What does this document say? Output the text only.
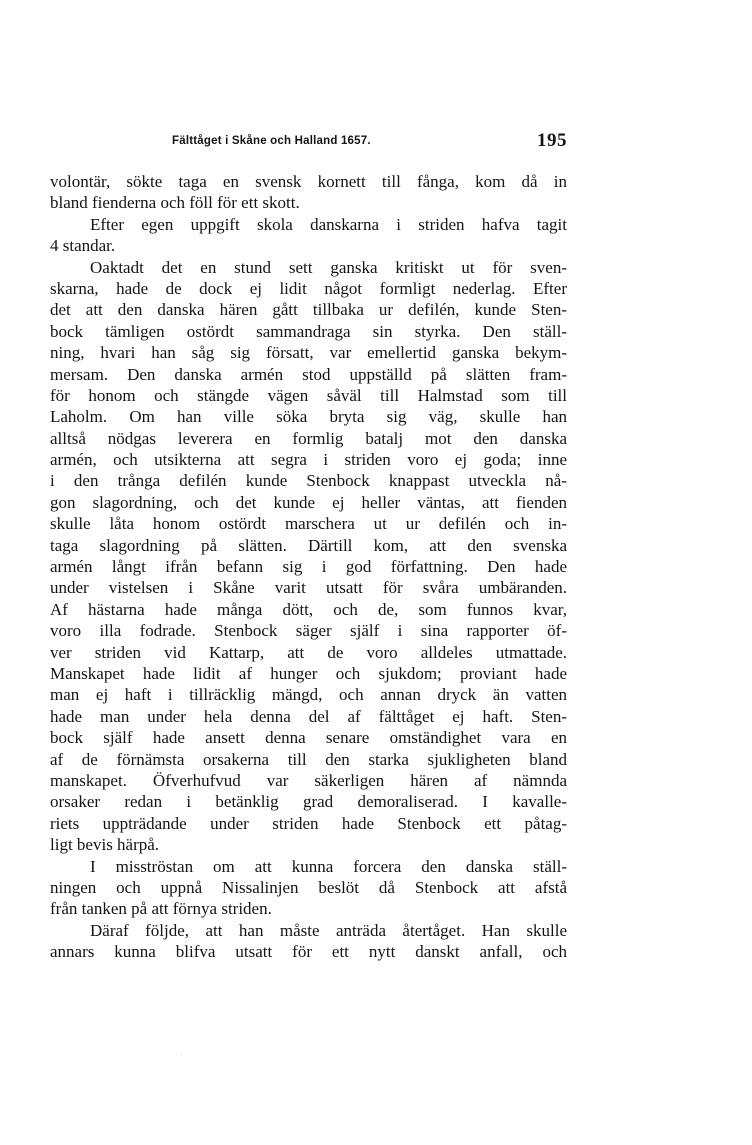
Fälttåget i Skåne och Halland 1657.	195
volontär, sökte taga en svensk kornett till fånga, kom då in
bland fienderna och föll för ett skott.
Efter egen uppgift skola danskarna i striden hafva tagit
4 standar.
Oaktadt det en stund sett ganska kritiskt ut för sven-
skarna, hade de dock ej lidit något formligt nederlag. Efter
det att den danska hären gått tillbaka ur defilén, kunde Sten-
bock tämligen ostördt sammandraga sin styrka. Den ställ-
ning, hvari han såg sig försatt, var emellertid ganska bekym-
mersam. Den danska armén stod uppställd på slätten fram-
för honom och stängde vägen såväl till Halmstad som till
Laholm. Om han ville söka bryta sig väg, skulle han
alltså nödgas leverera en formlig batalj mot den danska
armén, och utsikterna att segra i striden voro ej goda; inne
i den trånga defilén kunde Stenbock knappast utveckla nå-
gon slagordning, och det kunde ej heller väntas, att fienden
skulle låta honom ostördt marschera ut ur defilén och in-
taga slagordning på slätten. Därtill kom, att den svenska
armén långt ifrån befann sig i god författning. Den hade
under vistelsen i Skåne varit utsatt för svåra umbäranden.
Af hästarna hade många dött, och de, som funnos kvar,
voro illa fodrade. Stenbock säger själf i sina rapporter öf-
ver striden vid Kattarp, att de voro alldeles utmattade.
Manskapet hade lidit af hunger och sjukdom; proviant hade
man ej haft i tillräcklig mängd, och annan dryck än vatten
hade man under hela denna del af fälttåget ej haft. Sten-
bock själf hade ansett denna senare omständighet vara en
af de förnämsta orsakerna till den starka sjukligheten bland
manskapet. Öfverhufvud var säkerligen hären af nämnda
orsaker redan i betänklig grad demoraliserad. I kavalle-
riets uppträdande under striden hade Stenbock ett påtag-
ligt bevis härpå.
I misströstan om att kunna forcera den danska ställ-
ningen och uppnå Nissalinjen beslöt då Stenbock att afstå
från tanken på att förnya striden.
Däraf följde, att han måste anträda återtåget. Han skulle
annars kunna blifva utsatt för ett nytt danskt anfall, och
·
